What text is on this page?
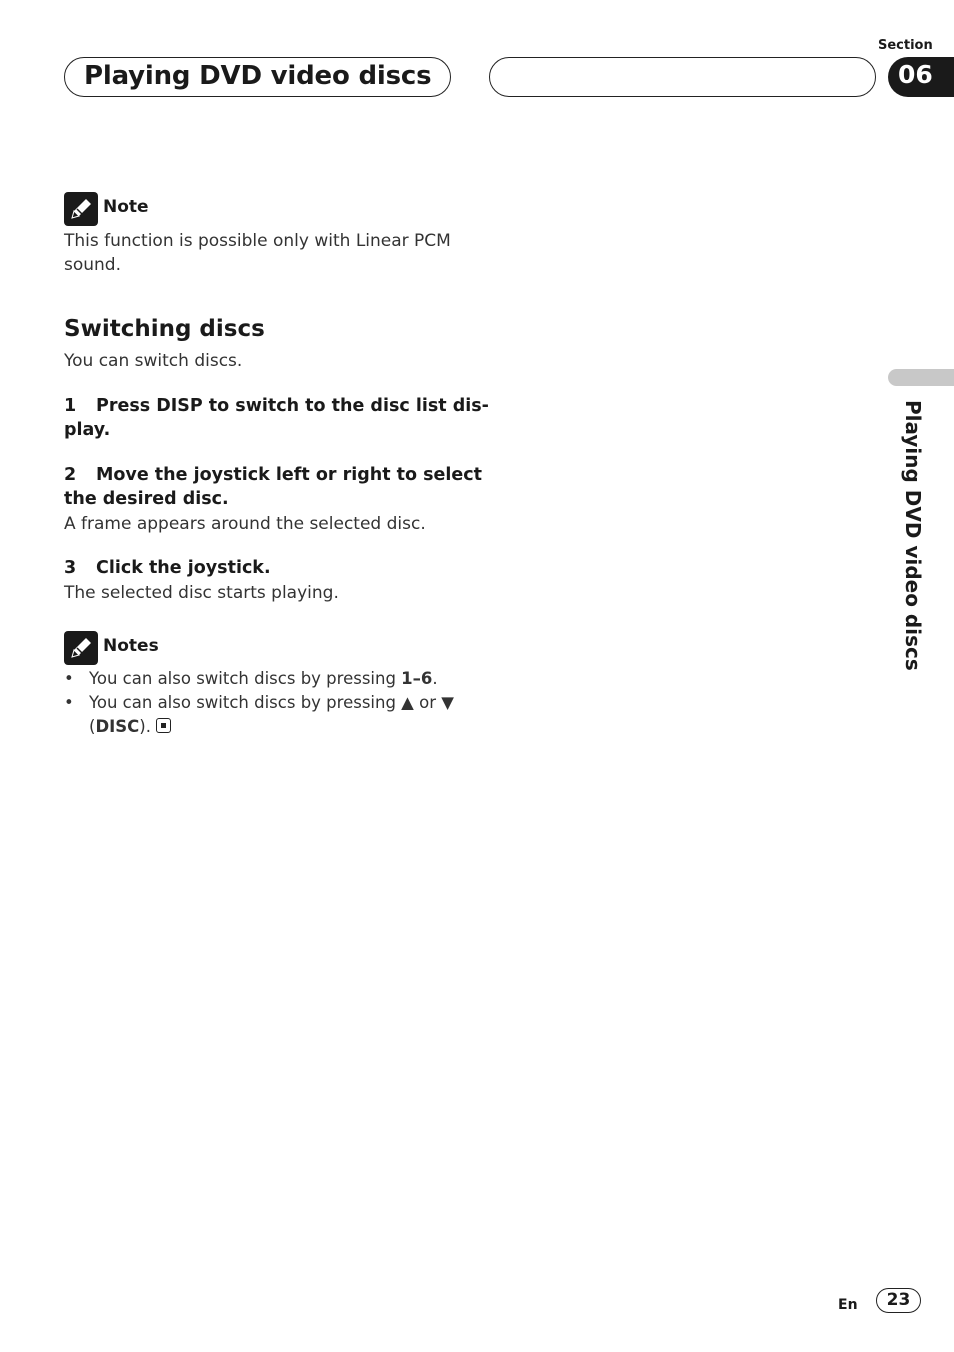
Playing DVD video discs
Section
06
Note
This function is possible only with Linear PCM
sound.
Switching discs
You can switch discs.
1 Press DISP to switch to the disc list dis-
play.
2 Move the joystick left or right to select
the desired disc.
A frame appears around the selected disc.
3 Click the joystick.
The selected disc starts playing.
Notes
• You can also switch discs by pressing 1–6.
• You can also switch discs by pressing ▲ or ▼
(DISC).
Playing DVD video discs
En	23
